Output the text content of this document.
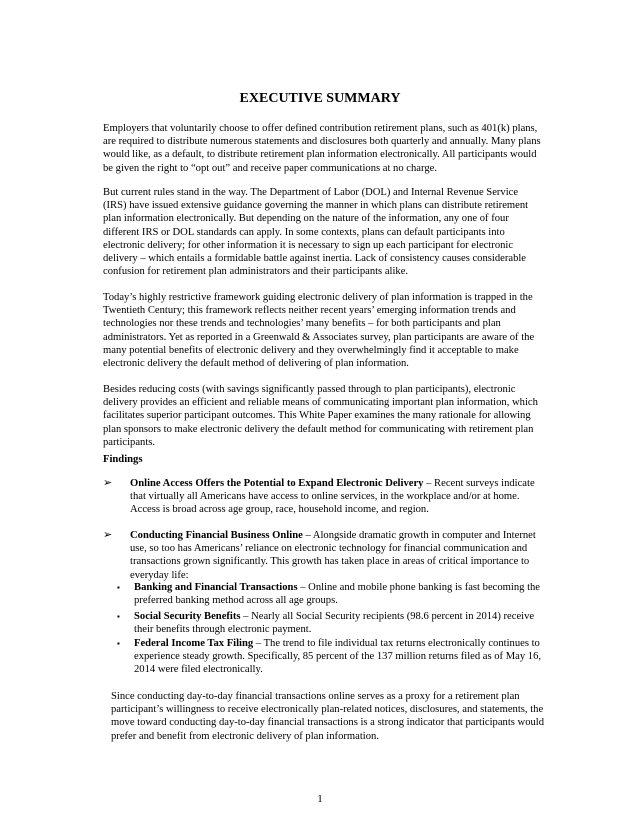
EXECUTIVE SUMMARY

Employers that voluntarily choose to offer defined contribution retirement plans, such as 401(k) plans, are required to distribute numerous statements and disclosures both quarterly and annually. Many plans would like, as a default, to distribute retirement plan information electronically. All participants would be given the right to “opt out” and receive paper communications at no charge.

But current rules stand in the way. The Department of Labor (DOL) and Internal Revenue Service (IRS) have issued extensive guidance governing the manner in which plans can distribute retirement plan information electronically. But depending on the nature of the information, any one of four different IRS or DOL standards can apply. In some contexts, plans can default participants into electronic delivery; for other information it is necessary to sign up each participant for electronic delivery – which entails a formidable battle against inertia. Lack of consistency causes considerable confusion for retirement plan administrators and their participants alike.

Today’s highly restrictive framework guiding electronic delivery of plan information is trapped in the Twentieth Century; this framework reflects neither recent years’ emerging information trends and technologies nor these trends and technologies’ many benefits – for both participants and plan administrators. Yet as reported in a Greenwald & Associates survey, plan participants are aware of the many potential benefits of electronic delivery and they overwhelmingly find it acceptable to make electronic delivery the default method of delivering of plan information.

Besides reducing costs (with savings significantly passed through to plan participants), electronic delivery provides an efficient and reliable means of communicating important plan information, which facilitates superior participant outcomes. This White Paper examines the many rationale for allowing plan sponsors to make electronic delivery the default method for communicating with retirement plan participants.

Findings

➢ Online Access Offers the Potential to Expand Electronic Delivery – Recent surveys indicate that virtually all Americans have access to online services, in the workplace and/or at home. Access is broad across age group, race, household income, and region.
➢ Conducting Financial Business Online – Alongside dramatic growth in computer and Internet use, so too has Americans’ reliance on electronic technology for financial communication and transactions grown significantly. This growth has taken place in areas of critical importance to everyday life:
▪ Banking and Financial Transactions – Online and mobile phone banking is fast becoming the preferred banking method across all age groups.
▪ Social Security Benefits – Nearly all Social Security recipients (98.6 percent in 2014) receive their benefits through electronic payment.
▪ Federal Income Tax Filing – The trend to file individual tax returns electronically continues to experience steady growth. Specifically, 85 percent of the 137 million returns filed as of May 16, 2014 were filed electronically.

Since conducting day-to-day financial transactions online serves as a proxy for a retirement plan participant’s willingness to receive electronically plan-related notices, disclosures, and statements, the move toward conducting day-to-day financial transactions is a strong indicator that participants would prefer and benefit from electronic delivery of plan information.

1
